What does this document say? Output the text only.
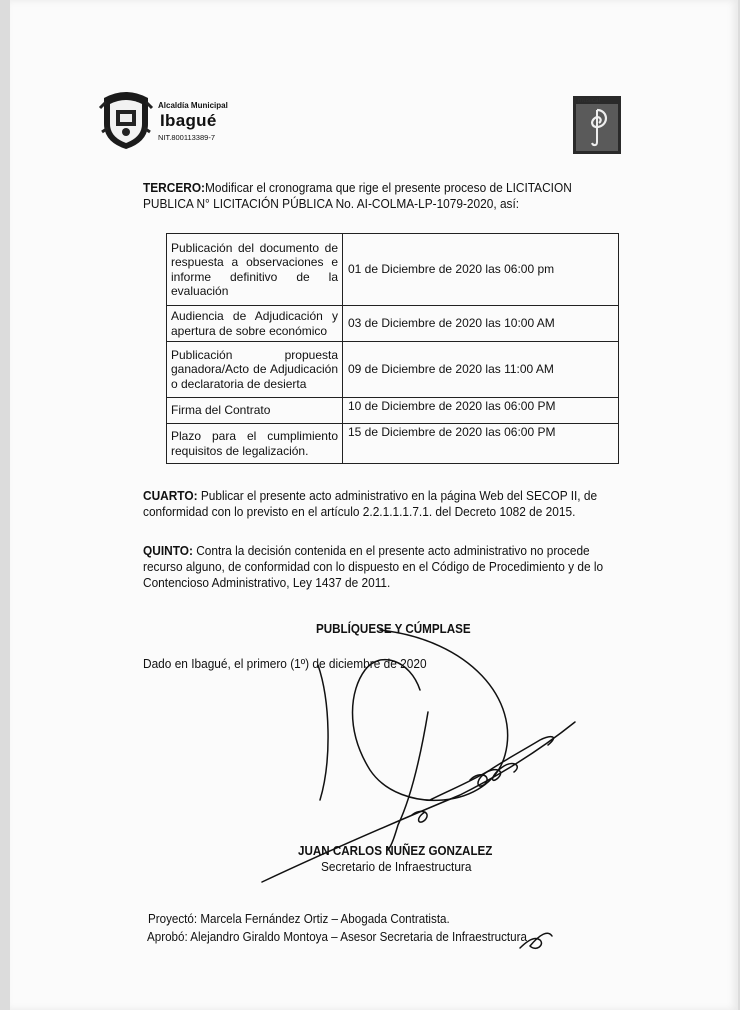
Alcaldía Municipal
Ibagué
NIT.800113389-7
musical
TERCERO:Modificar el cronograma que rige el presente proceso de LICITACION PUBLICA N° LICITACIÓN PÚBLICA No. AI-COLMA-LP-1079-2020, así:
Publicación del documento de respuesta a observaciones e informe definitivo de la evaluación	01 de Diciembre de 2020 las 06:00 pm
Audiencia de Adjudicación y apertura de sobre económico	03 de Diciembre de 2020 las 10:00 AM
Publicación propuesta ganadora/Acto de Adjudicación o declaratoria de desierta	09 de Diciembre de 2020 las 11:00 AM
Firma del Contrato	10 de Diciembre de 2020 las 06:00 PM
Plazo para el cumplimiento requisitos de legalización.	15 de Diciembre de 2020 las 06:00 PM
CUARTO: Publicar el presente acto administrativo en la página Web del SECOP II, de conformidad con lo previsto en el artículo 2.2.1.1.1.7.1. del Decreto 1082 de 2015.
QUINTO: Contra la decisión contenida en el presente acto administrativo no procede recurso alguno, de conformidad con lo dispuesto en el Código de Procedimiento y de lo Contencioso Administrativo, Ley 1437 de 2011.
PUBLÍQUESE Y CÚMPLASE
Dado en Ibagué, el primero (1º) de diciembre de 2020
JUAN CARLOS NUÑEZ GONZALEZ
Secretario de Infraestructura
Proyectó: Marcela Fernández Ortiz – Abogada Contratista.
Aprobó: Alejandro Giraldo Montoya – Asesor Secretaria de Infraestructura
